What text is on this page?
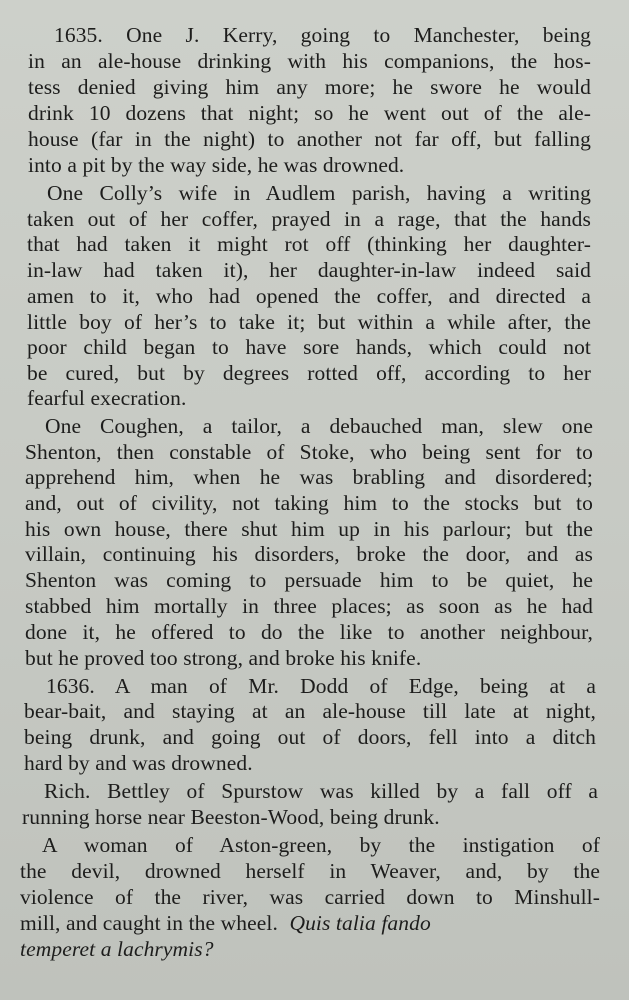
1635. One J. Kerry, going to Manchester, being
in an ale-house drinking with his companions, the hos-
tess denied giving him any more; he swore he would
drink 10 dozens that night; so he went out of the ale-
house (far in the night) to another not far off, but falling
into a pit by the way side, he was drowned.
One Colly’s wife in Audlem parish, having a writing
taken out of her coffer, prayed in a rage, that the hands
that had taken it might rot off (thinking her daughter-
in-law had taken it), her daughter-in-law indeed said
amen to it, who had opened the coffer, and directed a
little boy of her’s to take it; but within a while after, the
poor child began to have sore hands, which could not
be cured, but by degrees rotted off, according to her
fearful execration.
One Coughen, a tailor, a debauched man, slew one
Shenton, then constable of Stoke, who being sent for to
apprehend him, when he was brabling and disordered;
and, out of civility, not taking him to the stocks but to
his own house, there shut him up in his parlour; but the
villain, continuing his disorders, broke the door, and as
Shenton was coming to persuade him to be quiet, he
stabbed him mortally in three places; as soon as he had
done it, he offered to do the like to another neighbour,
but he proved too strong, and broke his knife.
1636. A man of Mr. Dodd of Edge, being at a
bear-bait, and staying at an ale-house till late at night,
being drunk, and going out of doors, fell into a ditch
hard by and was drowned.
Rich. Bettley of Spurstow was killed by a fall off a
running horse near Beeston-Wood, being drunk.
A woman of Aston-green, by the instigation of
the devil, drowned herself in Weaver, and, by the
violence of the river, was carried down to Minshull-
mill, and caught in the wheel. Quis talia fando
temperet a lachrymis?
